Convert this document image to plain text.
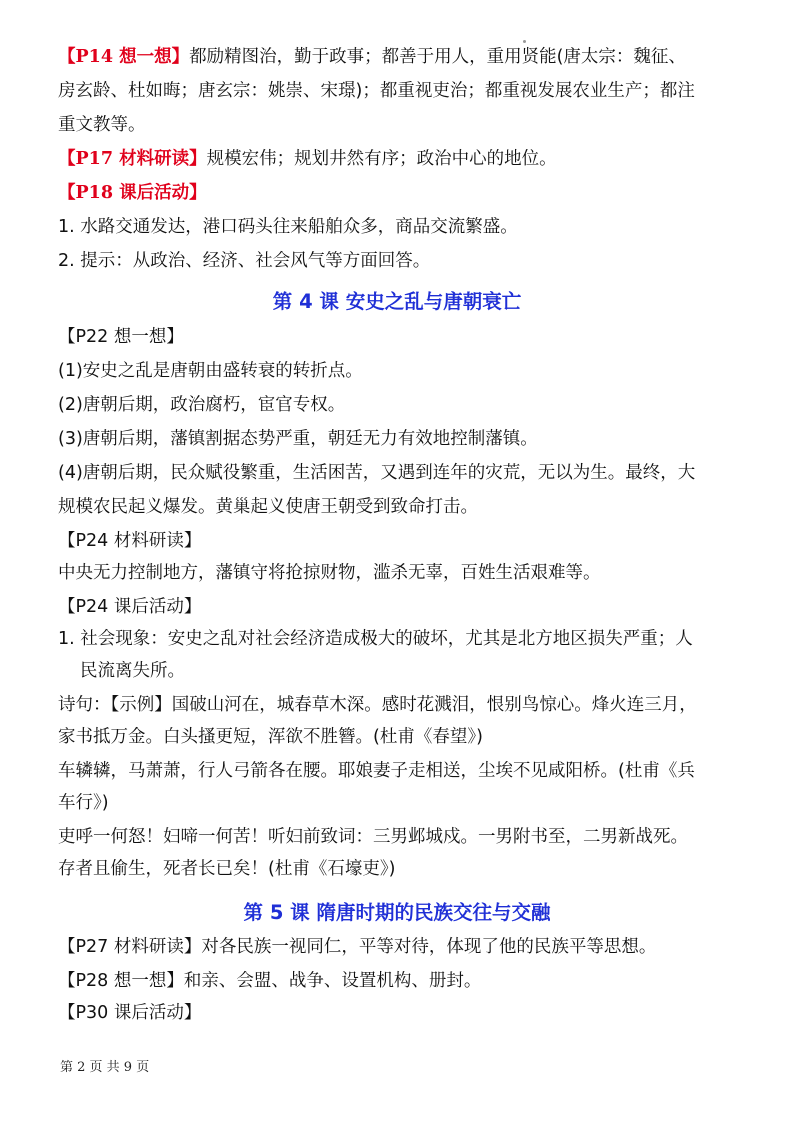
【P14 想一想】都励精图治，勤于政事；都善于用人，重用贤能(唐太宗：魏征、
房玄龄、杜如晦；唐玄宗：姚崇、宋璟)；都重视吏治；都重视发展农业生产；都注
重文教等。
【P17 材料研读】规模宏伟；规划井然有序；政治中心的地位。
【P18 课后活动】
1. 水路交通发达，港口码头往来船舶众多，商品交流繁盛。
2. 提示：从政治、经济、社会风气等方面回答。
第 4 课 安史之乱与唐朝衰亡
【P22 想一想】
(1)安史之乱是唐朝由盛转衰的转折点。
(2)唐朝后期，政治腐朽，宦官专权。
(3)唐朝后期，藩镇割据态势严重，朝廷无力有效地控制藩镇。
(4)唐朝后期，民众赋役繁重，生活困苦，又遇到连年的灾荒，无以为生。最终，大
规模农民起义爆发。黄巢起义使唐王朝受到致命打击。
【P24 材料研读】
中央无力控制地方，藩镇守将抢掠财物，滥杀无辜，百姓生活艰难等。
【P24 课后活动】
1. 社会现象：安史之乱对社会经济造成极大的破坏，尤其是北方地区损失严重；人
民流离失所。
诗句：【示例】国破山河在，城春草木深。感时花溅泪，恨别鸟惊心。烽火连三月，
家书抵万金。白头搔更短，浑欲不胜簪。(杜甫《春望》)
车辚辚，马萧萧，行人弓箭各在腰。耶娘妻子走相送，尘埃不见咸阳桥。(杜甫《兵
车行》)
吏呼一何怒！妇啼一何苦！听妇前致词：三男邺城戍。一男附书至，二男新战死。
存者且偷生，死者长已矣！(杜甫《石壕吏》)
第 5 课 隋唐时期的民族交往与交融
【P27 材料研读】对各民族一视同仁，平等对待，体现了他的民族平等思想。
【P28 想一想】和亲、会盟、战争、设置机构、册封。
【P30 课后活动】
第 2 页 共 9 页
